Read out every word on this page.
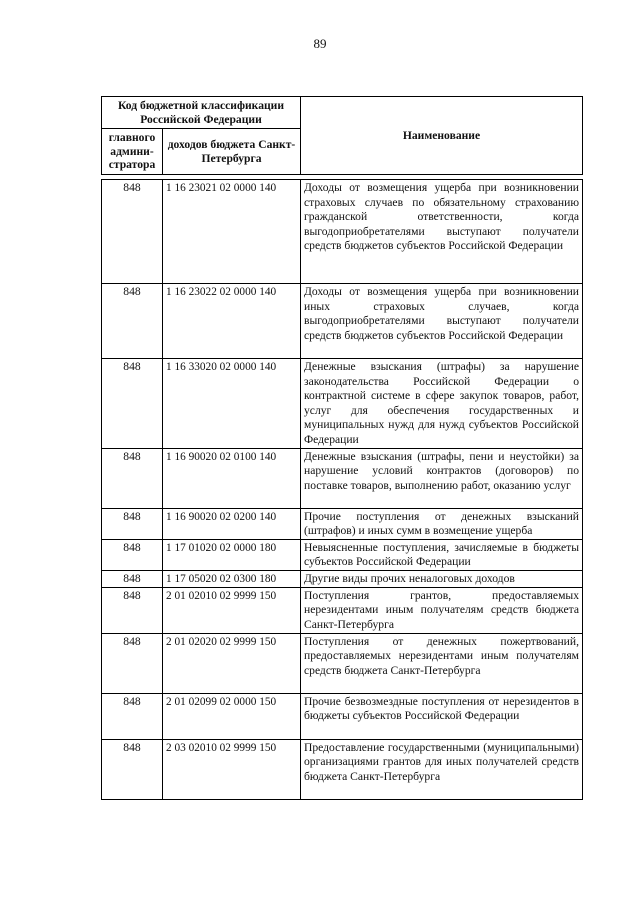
89
Код бюджетной классификации Российской Федерации		Наименование
главного админи-стратора	доходов бюджета Санкт-Петербурга	
848	1 16 23021 02 0000 140	Доходы от возмещения ущерба при возникновении страховых случаев по обязательному страхованию гражданской ответственности, когда выгодоприобретателями выступают получатели средств бюджетов субъектов Российской Федерации
848	1 16 23022 02 0000 140	Доходы от возмещения ущерба при возникновении иных страховых случаев, когда выгодоприобретателями выступают получатели средств бюджетов субъектов Российской Федерации
848	1 16 33020 02 0000 140	Денежные взыскания (штрафы) за нарушение законодательства Российской Федерации о контрактной системе в сфере закупок товаров, работ, услуг для обеспечения государственных и муниципальных нужд для нужд субъектов Российской Федерации
848	1 16 90020 02 0100 140	Денежные взыскания (штрафы, пени и неустойки) за нарушение условий контрактов (договоров) по поставке товаров, выполнению работ, оказанию услуг
848	1 16 90020 02 0200 140	Прочие поступления от денежных взысканий (штрафов) и иных сумм в возмещение ущерба
848	1 17 01020 02 0000 180	Невыясненные поступления, зачисляемые в бюджеты субъектов Российской Федерации
848	1 17 05020 02 0300 180	Другие виды прочих неналоговых доходов
848	2 01 02010 02 9999 150	Поступления грантов, предоставляемых нерезидентами иным получателям средств бюджета Санкт-Петербурга
848	2 01 02020 02 9999 150	Поступления от денежных пожертвований, предоставляемых нерезидентами иным получателям средств бюджета Санкт-Петербурга
848	2 01 02099 02 0000 150	Прочие безвозмездные поступления от нерезидентов в бюджеты субъектов Российской Федерации
848	2 03 02010 02 9999 150	Предоставление государственными (муниципальными) организациями грантов для иных получателей средств бюджета Санкт-Петербурга
